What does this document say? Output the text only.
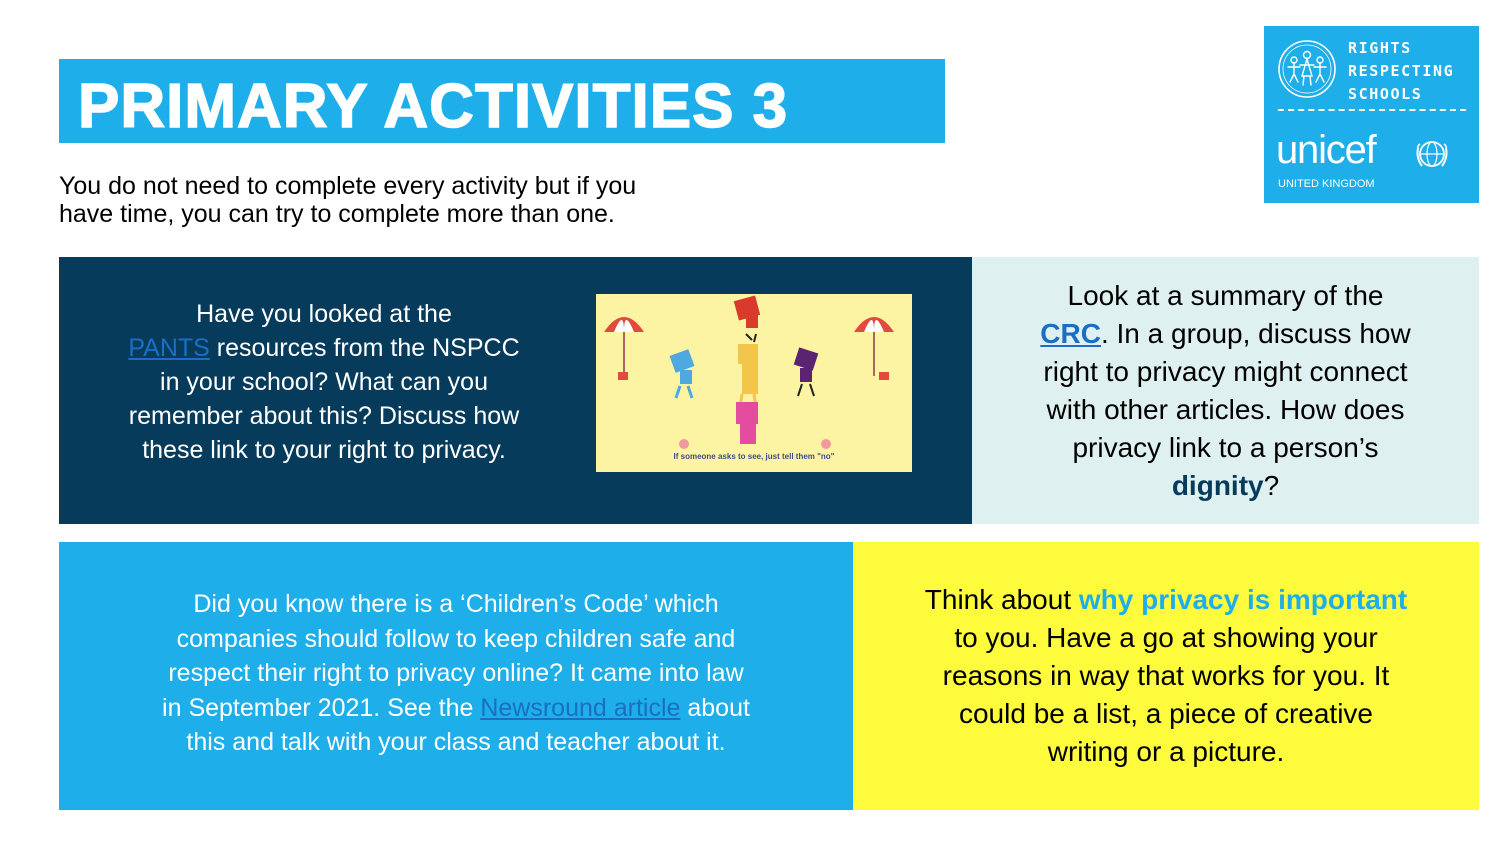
PRIMARY ACTIVITIES 3
You do not need to complete every activity but if you
have time, you can try to complete more than one.
RIGHTS
RESPECTING
SCHOOLS
unicef
UNITED KINGDOM
Have you looked at the
PANTS resources from the NSPCC
in your school? What can you
remember about this? Discuss how
these link to your right to privacy.	If someone asks to see, just tell them "no"
Look at a summary of the
CRC. In a group, discuss how
right to privacy might connect
with other articles. How does
privacy link to a person’s
dignity?
Did you know there is a ‘Children’s Code’ which
companies should follow to keep children safe and
respect their right to privacy online? It came into law
in September 2021. See the Newsround article about
this and talk with your class and teacher about it.
Think about why privacy is important
to you. Have a go at showing your
reasons in way that works for you. It
could be a list, a piece of creative
writing or a picture.
